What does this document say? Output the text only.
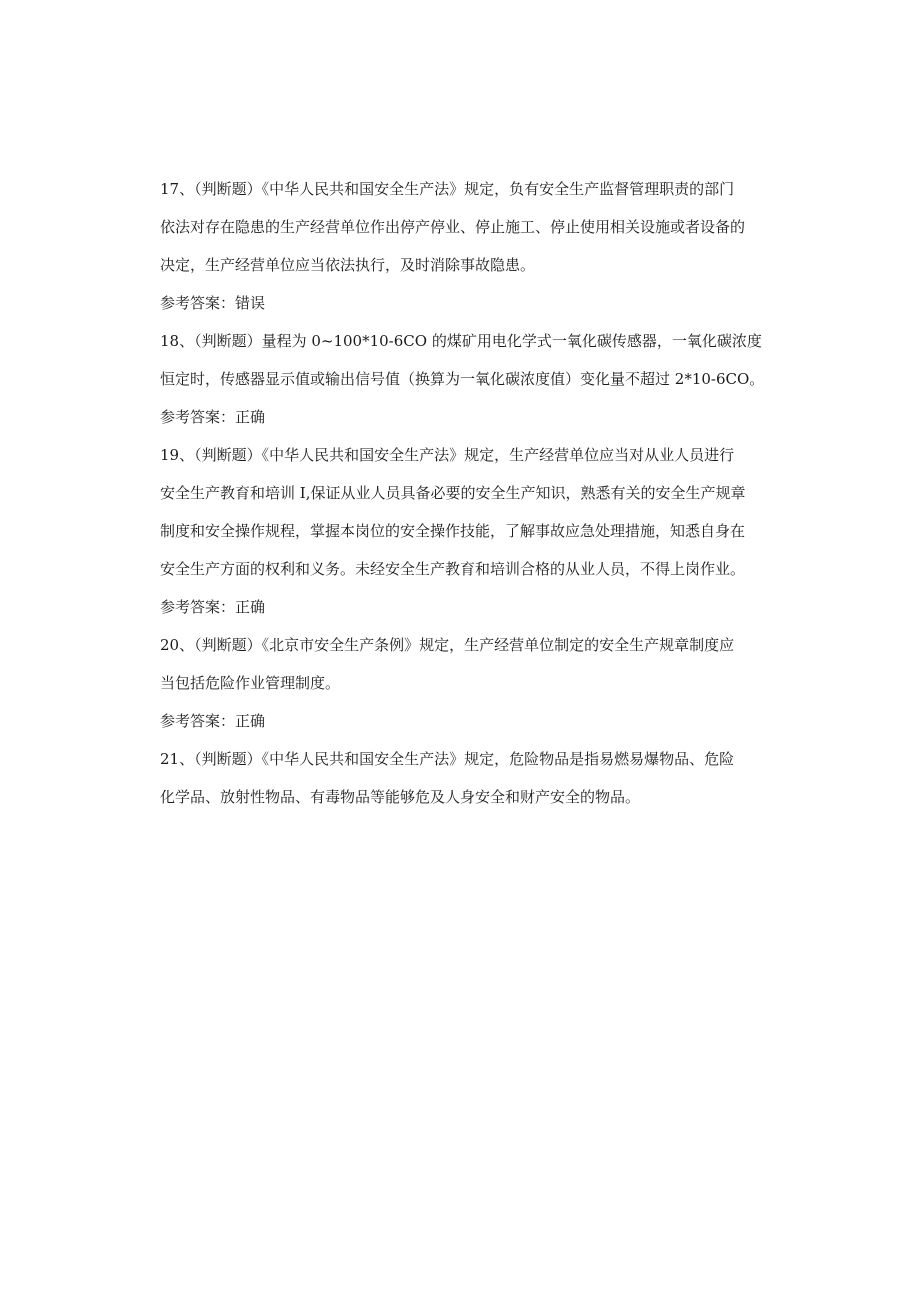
17、（判断题）《中华人民共和国安全生产法》规定，负有安全生产监督管理职责的部门
依法对存在隐患的生产经营单位作出停产停业、停止施工、停止使用相关设施或者设备的
决定，生产经营单位应当依法执行，及时消除事故隐患。
参考答案：错误
18、（判断题）量程为 0~100*10-6CO 的煤矿用电化学式一氧化碳传感器，一氧化碳浓度
恒定时，传感器显示值或输出信号值（换算为一氧化碳浓度值）变化量不超过 2*10-6CO。
参考答案：正确
19、（判断题）《中华人民共和国安全生产法》规定，生产经营单位应当对从业人员进行
安全生产教育和培训 I,保证从业人员具备必要的安全生产知识，熟悉有关的安全生产规章
制度和安全操作规程，掌握本岗位的安全操作技能，了解事故应急处理措施，知悉自身在
安全生产方面的权利和义务。未经安全生产教育和培训合格的从业人员，不得上岗作业。
参考答案：正确
20、（判断题）《北京市安全生产条例》规定，生产经营单位制定的安全生产规章制度应
当包括危险作业管理制度。
参考答案：正确
21、（判断题）《中华人民共和国安全生产法》规定，危险物品是指易燃易爆物品、危险
化学品、放射性物品、有毒物品等能够危及人身安全和财产安全的物品。
